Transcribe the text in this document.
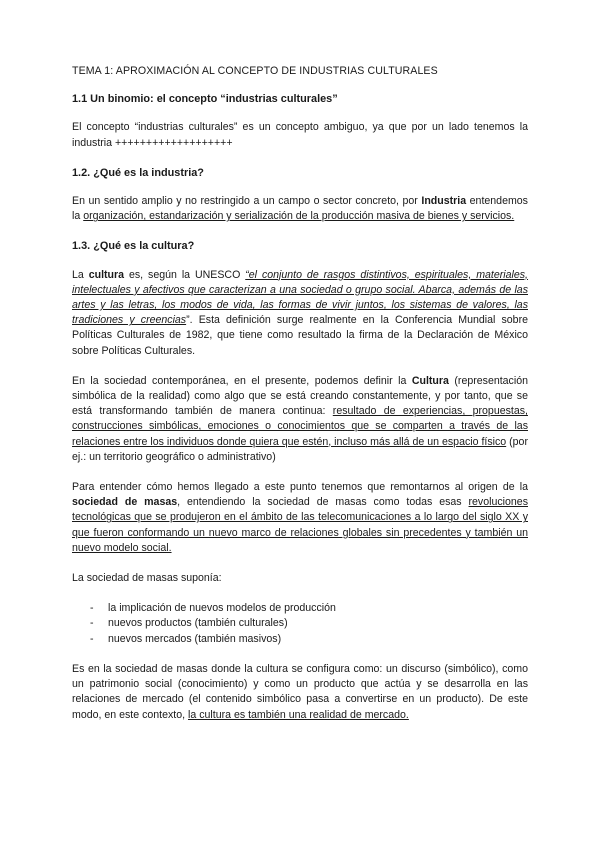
TEMA 1: APROXIMACIÓN AL CONCEPTO DE INDUSTRIAS CULTURALES
1.1 Un binomio: el concepto “industrias culturales”

El concepto “industrias culturales” es un concepto ambiguo, ya que por un lado tenemos la industria +++++++++++++++++++

1.2. ¿Qué es la industria?

En un sentido amplio y no restringido a un campo o sector concreto, por Industria entendemos la organización, estandarización y serialización de la producción masiva de bienes y servicios.

1.3. ¿Qué es la cultura?

La cultura es, según la UNESCO “el conjunto de rasgos distintivos, espirituales, materiales, intelectuales y afectivos que caracterizan a una sociedad o grupo social. Abarca, además de las artes y las letras, los modos de vida, las formas de vivir juntos, los sistemas de valores, las tradiciones y creencias”. Esta definición surge realmente en la Conferencia Mundial sobre Políticas Culturales de 1982, que tiene como resultado la firma de la Declaración de México sobre Políticas Culturales.

En la sociedad contemporánea, en el presente, podemos definir la Cultura (representación simbólica de la realidad) como algo que se está creando constantemente, y por tanto, que se está transformando también de manera continua: resultado de experiencias, propuestas, construcciones simbólicas, emociones o conocimientos que se comparten a través de las relaciones entre los individuos donde quiera que estén, incluso más allá de un espacio físico (por ej.: un territorio geográfico o administrativo)

Para entender cómo hemos llegado a este punto tenemos que remontarnos al origen de la sociedad de masas, entendiendo la sociedad de masas como todas esas revoluciones tecnológicas que se produjeron en el ámbito de las telecomunicaciones a lo largo del siglo XX y que fueron conformando un nuevo marco de relaciones globales sin precedentes y también un nuevo modelo social.

La sociedad de masas suponía:

- la implicación de nuevos modelos de producción
- nuevos productos (también culturales)
- nuevos mercados (también masivos)

Es en la sociedad de masas donde la cultura se configura como: un discurso (simbólico), como un patrimonio social (conocimiento) y como un producto que actúa y se desarrolla en las relaciones de mercado (el contenido simbólico pasa a convertirse en un producto). De este modo, en este contexto, la cultura es también una realidad de mercado.
